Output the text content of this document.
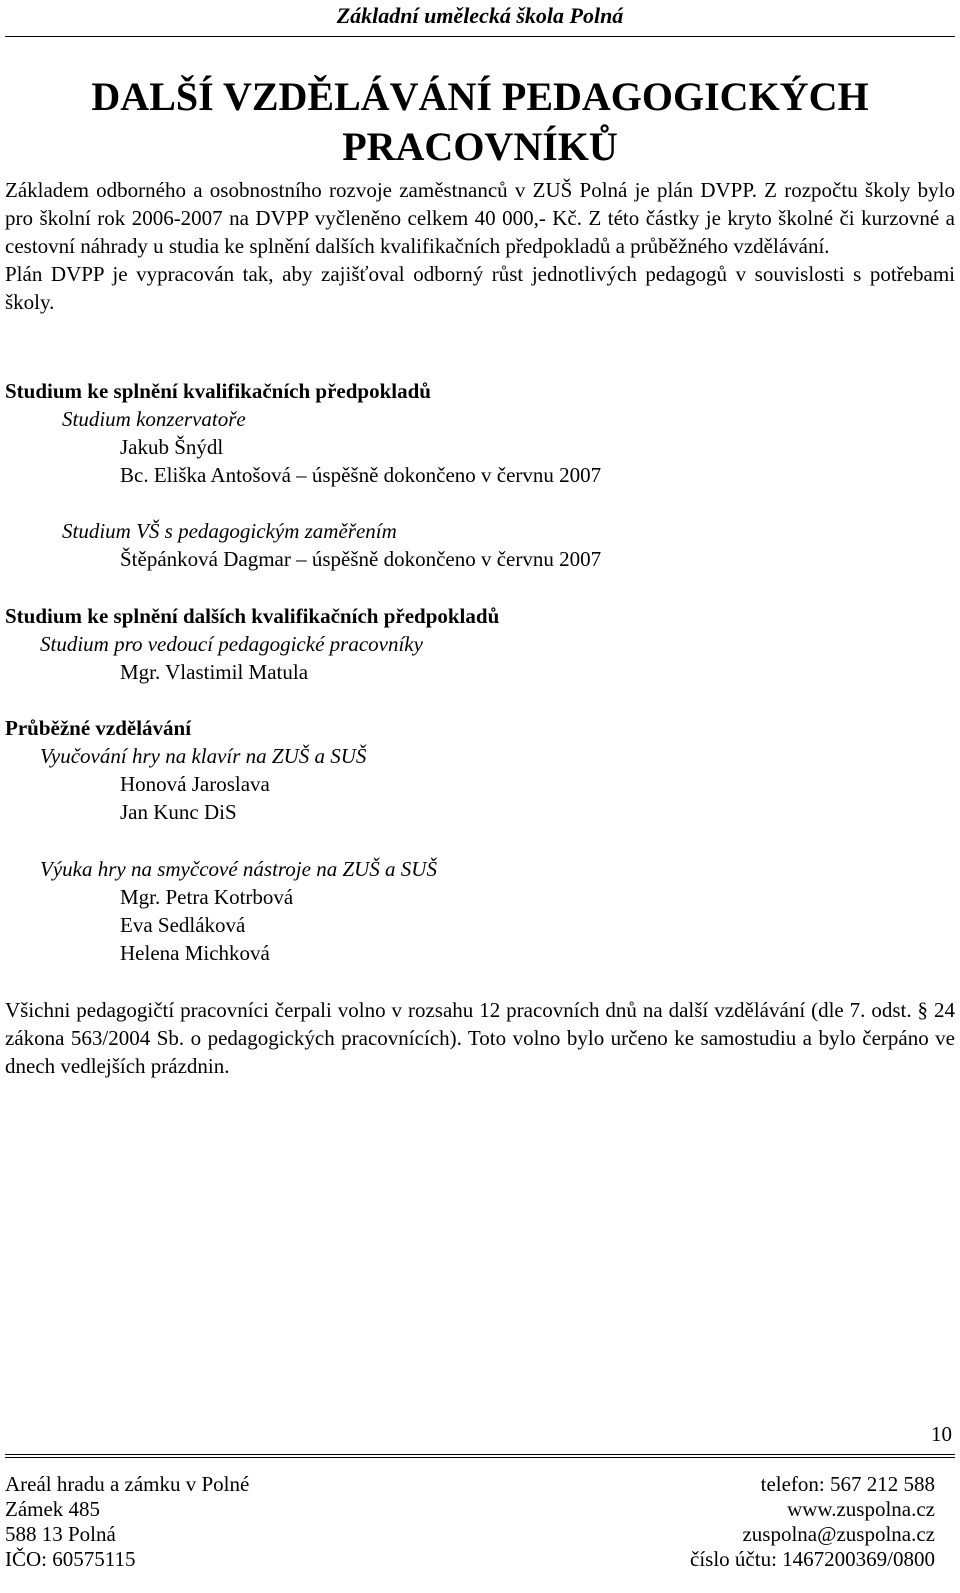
Základní umělecká škola Polná
DALŠÍ VZDĚLÁVÁNÍ PEDAGOGICKÝCH
PRACOVNÍKŮ

Základem odborného a osobnostního rozvoje zaměstnanců v ZUŠ Polná je plán DVPP. Z rozpočtu školy bylo pro školní rok 2006-2007 na DVPP vyčleněno celkem 40 000,- Kč. Z této částky je kryto školné či kurzovné a cestovní náhrady u studia ke splnění dalších kvalifikačních předpokladů a průběžného vzdělávání.

Plán DVPP je vypracován tak, aby zajišťoval odborný růst jednotlivých pedagogů v souvislosti s potřebami školy.

Studium ke splnění kvalifikačních předpokladů
Studium konzervatoře
Jakub Šnýdl
Bc. Eliška Antošová – úspěšně dokončeno v červnu 2007
Studium VŠ s pedagogickým zaměřením
Štěpánková Dagmar – úspěšně dokončeno v červnu 2007
Studium ke splnění dalších kvalifikačních předpokladů
Studium pro vedoucí pedagogické pracovníky
Mgr. Vlastimil Matula
Průběžné vzdělávání
Vyučování hry na klavír na ZUŠ a SUŠ
Honová Jaroslava
Jan Kunc DiS
Výuka hry na smyčcové nástroje na ZUŠ a SUŠ
Mgr. Petra Kotrbová
Eva Sedláková
Helena Michková

Všichni pedagogičtí pracovníci čerpali volno v rozsahu 12 pracovních dnů na další vzdělávání (dle 7. odst. § 24 zákona 563/2004 Sb. o pedagogických pracovnících). Toto volno bylo určeno ke samostudiu a bylo čerpáno ve dnech vedlejších prázdnin.

10
Areál hradu a zámku v Polné
Zámek 485
588 13 Polná
IČO: 60575115
telefon: 567 212 588
www.zuspolna.cz
zuspolna@zuspolna.cz
číslo účtu: 1467200369/0800
